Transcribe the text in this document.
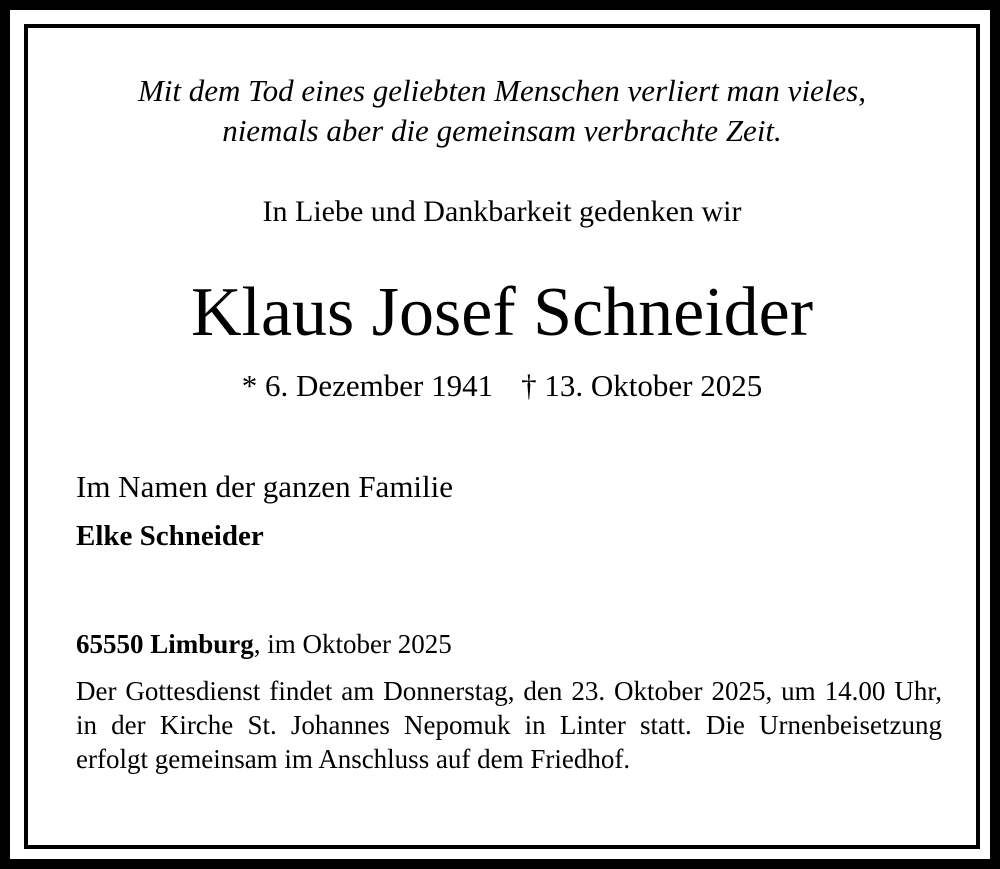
Mit dem Tod eines geliebten Menschen verliert man vieles,

niemals aber die gemeinsam verbrachte Zeit.

In Liebe und Dankbarkeit gedenken wir

Klaus Josef Schneider

* 6. Dezember 1941 † 13. Oktober 2025

Im Namen der ganzen Familie

Elke Schneider

65550 Limburg, im Oktober 2025

Der Gottesdienst findet am Donnerstag, den 23. Oktober 2025, um 14.00 Uhr, in der Kirche St. Johannes Nepomuk in Linter statt. Die Urnenbeisetzung erfolgt gemeinsam im Anschluss auf dem Friedhof.
